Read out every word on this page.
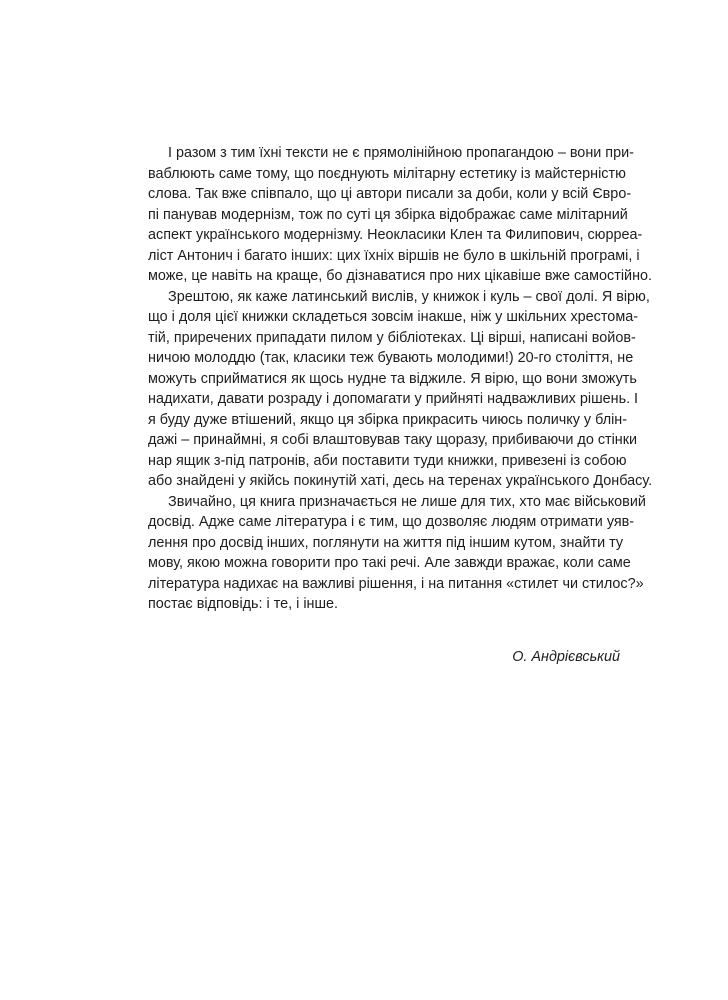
І разом з тим їхні тексти не є прямолінійною пропагандою – вони при-
ваблюють саме тому, що поєднують мілітарну естетику із майстерністю
слова. Так вже співпало, що ці автори писали за доби, коли у всій Євро-
пі панував модернізм, тож по суті ця збірка відображає саме мілітарний
аспект українського модернізму. Неокласики Клен та Филипович, сюрреа-
ліст Антонич і багато інших: цих їхніх віршів не було в шкільній програмі, і
може, це навіть на краще, бо дізнаватися про них цікавіше вже самостійно.
Зрештою, як каже латинський вислів, у книжок і куль – свої долі. Я вірю,
що і доля цієї книжки складеться зовсім інакше, ніж у шкільних хрестома-
тій, приречених припадати пилом у бібліотеках. Ці вірші, написані войов-
ничою молоддю (так, класики теж бувають молодими!) 20-го століття, не
можуть сприйматися як щось нудне та віджиле. Я вірю, що вони зможуть
надихати, давати розраду і допомагати у прийняті надважливих рішень. І
я буду дуже втішений, якщо ця збірка прикрасить чиюсь поличку у блін-
дажі – принаймні, я собі влаштовував таку щоразу, прибиваючи до стінки
нар ящик з-під патронів, аби поставити туди книжки, привезені із собою
або знайдені у якійсь покинутій хаті, десь на теренах українського Донбасу.
Звичайно, ця книга призначається не лише для тих, хто має військовий
досвід. Адже саме література і є тим, що дозволяє людям отримати уяв-
лення про досвід інших, поглянути на життя під іншим кутом, знайти ту
мову, якою можна говорити про такі речі. Але завжди вражає, коли саме
література надихає на важливі рішення, і на питання «стилет чи стилос?»
постає відповідь: і те, і інше.
О. Андрієвський
